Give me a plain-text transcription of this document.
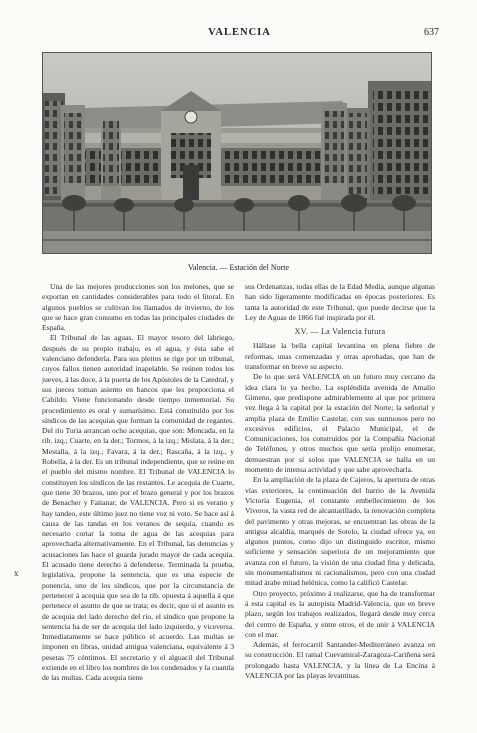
VALENCIA	637
Valencia. — Estación del Norte

Una de las mejores producciones son los melones, que se exportan en cantidades considerables para todo el litoral. En algunos pueblos se cultivan los llamados de invierno, de los que se hace gran consumo en todas las principales ciudades de España.

El Tribunal de las aguas. El mayor tesoro del labriego, después de su propio trabajo, es el agua, y ésta sabe el valenciano defenderla. Para sus pleitos se rige por un tribunal, cuyos fallos tienen autoridad inapelable. Se reúnen todos los jueves, á las doce, á la puerta de los Apóstoles de la Catedral, y sus jueces toman asiento en bancos que les proporciona el Cabildo. Viene funcionando desde tiempo inmemorial. Su procedimiento es oral y sumarísimo. Está constituído por los síndicos de las acequias que forman la comunidad de regantes. Del río Turia arrancan ocho acequias, que son: Moncada, en la rib. izq.; Cuarte, en la der.; Tormos, á la izq.; Mislata, á la der.; Mestalla, á la izq.; Favara, á la der.; Rascaña, á la izq., y Robella, á la der. Es un tribunal independiente, que se reúne en el pueblo del mismo nombre. El Tribunal de VALENCIA lo constituyen los síndicos de las restantes. Le acequia de Cuarte, que tiene 30 brazos, uno por el brazo general y por los brazos de Benacher y Faitanar, de VALENCIA. Pero si es verano y hay tandeo, este último juez no tiene voz ni voto. Se hace así á causa de las tandas en los veranos de sequía, cuando es necesario cortar la toma de agua de las acequias para aprovecharla alternativamente. En el Tribunal, las denuncias y acusaciones las hace el guarda jurado mayor de cada acequia. El acusado tiene derecho á defenderse. Terminada la prueba, legislativa, propone la sentencia, que es una especie de ponencia, uno de los síndicos, que por la circunstancia de pertenecer á acequia que sea de la rib. opuesta á aquella á que pertenece el asunto de que se trata; es decir, que si el asunto es de acequia del lado derecho del río, el síndico que propone la sentencia ha de ser de acequia del lado izquierdo, y viceversa. Inmediatamente se hace público el acuerdo. Las multas se imponen en libras, unidad antigua valenciana, equivalente á 3 pesetas 75 céntimos. El secretario y el alguacil del Tribunal extiende en el libro los nombres de los condenados y la cuantía de las multas. Cada acequia tiene

sus Ordenanzas, todas ellas de la Edad Media, aunque algunas han sido ligeramente modificadas en épocas posteriores. Es tanta la autoridad de este Tribunal, que puede decirse que la Ley de Aguas de 1866 fué inspirada por él.

XV. — La Valencia futura

Hállase la bella capital levantina en plena fiebre de reformas, unas comenzadas y otras aprobadas, que han de transformar en breve su aspecto.

De lo que será VALENCIA en un futuro muy cercano da idea clara lo ya hecho. La espléndida avenida de Amalio Gimeno, que predispone admirablemente al que por primera vez llega á la capital por la estación del Norte; la señorial y amplia plaza de Emilio Castelar, con sus suntuosos pero no excesivos edificios, el Palacio Municipal, el de Comunicaciones, los construídos por la Compañía Nacional de Teléfonos, y otros muchos que sería prolijo enumerar, demuestran por sí solos que VALENCIA se halla en un momento de intensa actividad y que sabe aprovecharla.

En la ampliación de la plaza de Cajeros, la apertura de otras vías exteriores, la continuación del barrio de la Avenida Victoria Eugenia, el constante embellecimiento de los Viveros, la vasta red de alcantarillado, la renovación completa del pavimento y otras mejoras, se encuentran las obras de la antigua alcaldía, marqués de Sotelo, la ciudad ofrece ya, en algunos puntos, como dijo un distinguido escritor, mismo suficiente y sensación superiora de un mejoramiento que avanza con el futuro, la visión de una ciudad fina y delicada, sin monumentalismos ni racionalismos, pero con una ciudad mitad árabe mitad helénica, como la calificó Castelar.

Otro proyecto, próximo á realizarse, que ha de transformar á esta capital es la autopista Madrid-Valencia, que en breve plazo, según los trabajos realizados, llegará desde muy cerca del centro de España, y entre otros, el de unir á VALENCIA con el mar.

Además, el ferrocarril Santander-Mediterráneo avanza en su construcción. El ramal Cuevamiral-Zaragoza-Cariñena será prolongado hasta VALENCIA, y la línea de La Encina á VALENCIA por las playas levantinas.

x
